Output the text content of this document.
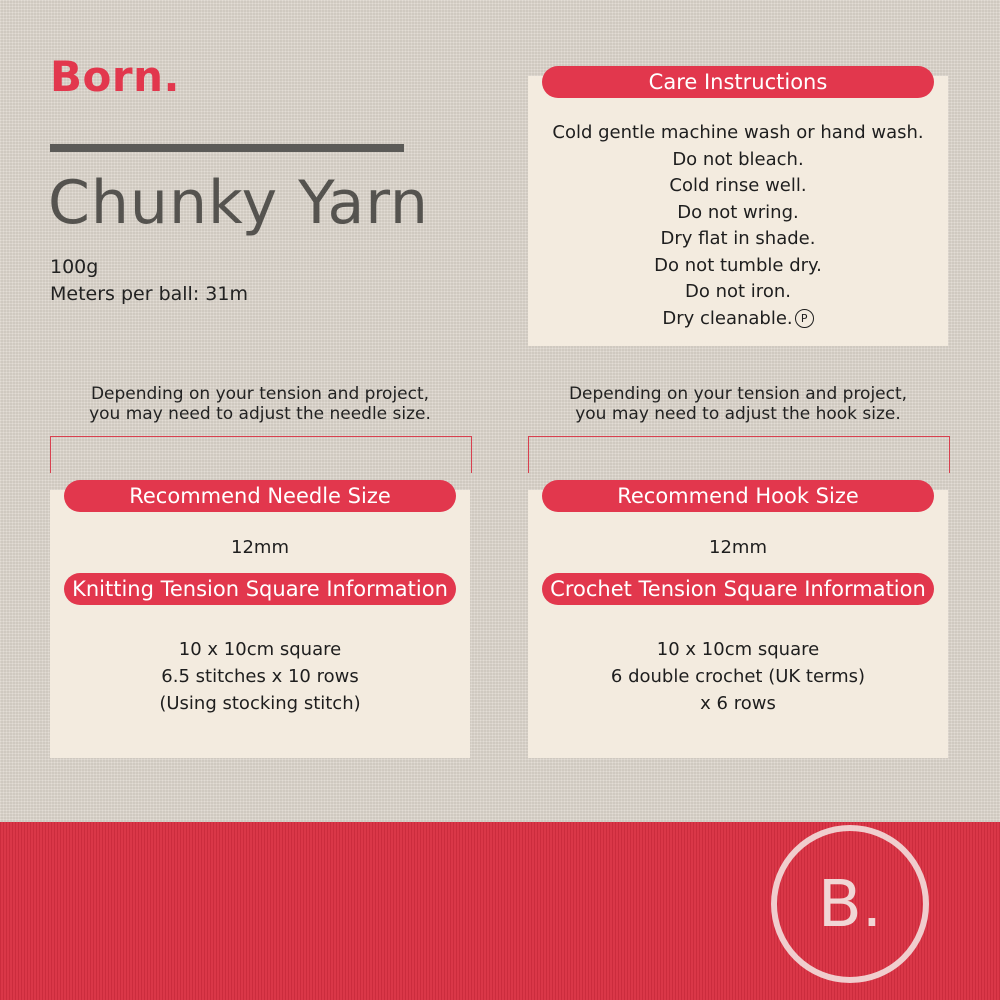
Born.
Chunky Yarn
100g
Meters per ball: 31m
Cold gentle machine wash or hand wash.
Do not bleach.
Cold rinse well.
Do not wring.
Dry flat in shade.
Do not tumble dry.
Do not iron.
Dry cleanable. P
Care Instructions
Depending on your tension and project,
you may need to adjust the needle size.
12mm
10 x 10cm square
6.5 stitches x 10 rows
(Using stocking stitch)
Recommend Needle Size
Knitting Tension Square Information
Depending on your tension and project,
you may need to adjust the hook size.
12mm
10 x 10cm square
6 double crochet (UK terms)
x 6 rows
Recommend Hook Size
Crochet Tension Square Information
B.
